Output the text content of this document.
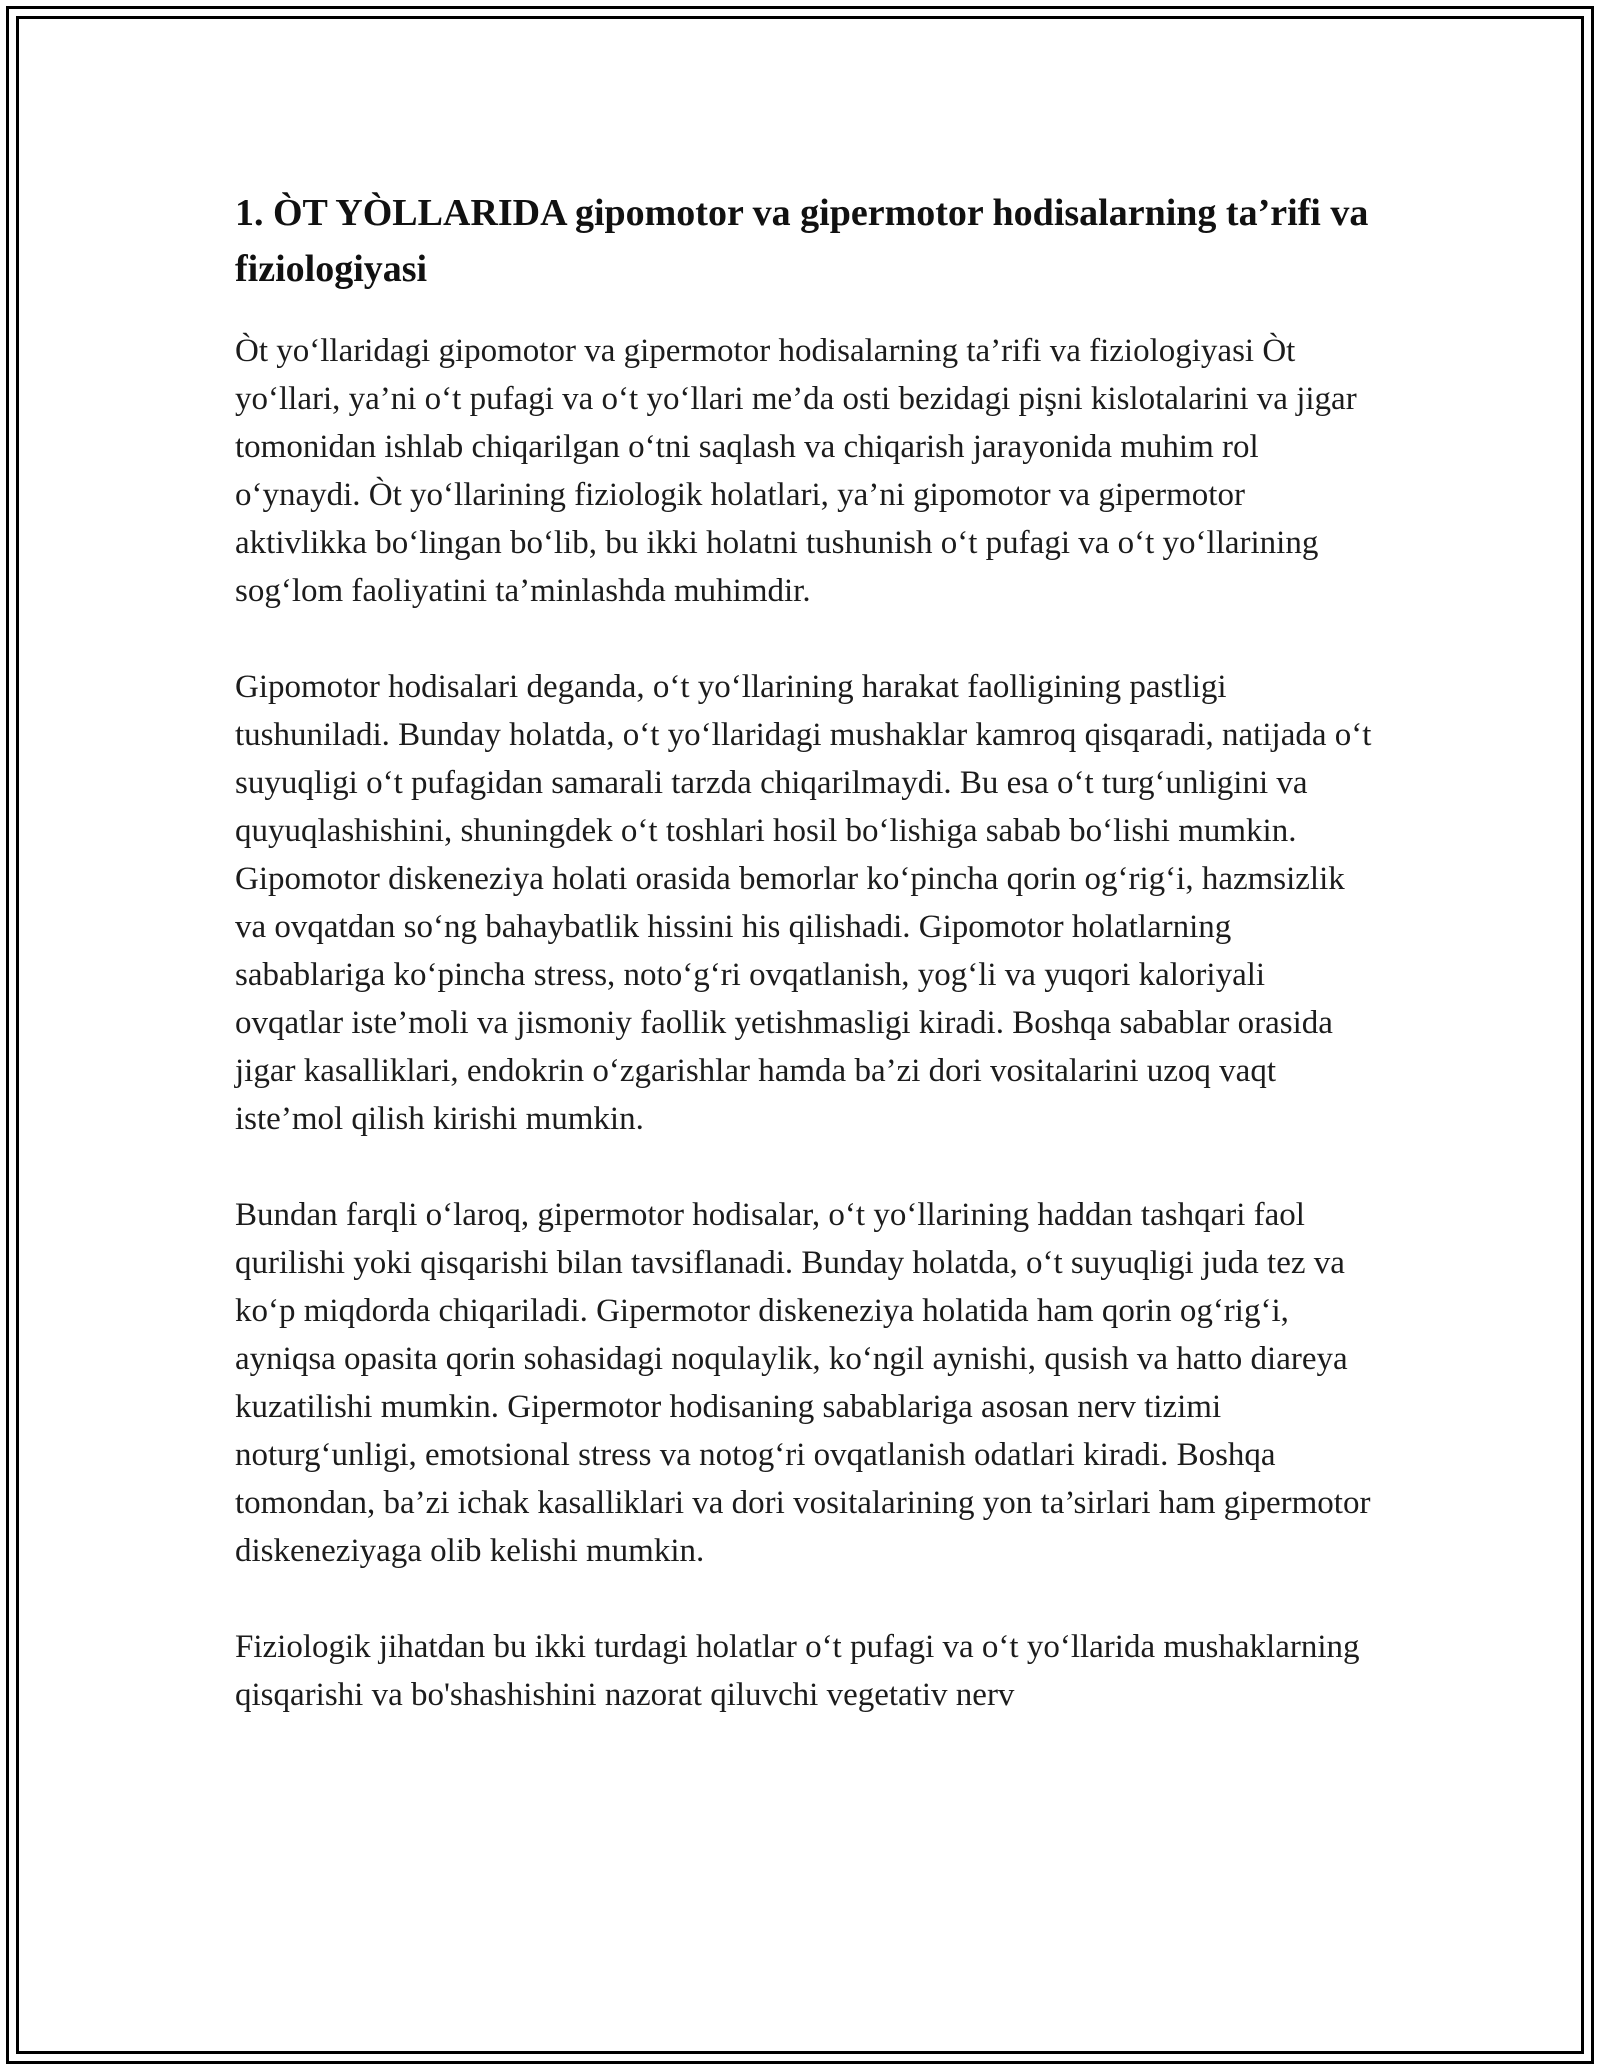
1. ÒT YÒLLARIDA gipomotor va gipermotor hodisalarning ta’rifi va fiziologiyasi

Òt yo‘llaridagi gipomotor va gipermotor hodisalarning ta’rifi va fiziologiyasi Òt yo‘llari, ya’ni o‘t pufagi va o‘t yo‘llari me’da osti bezidagi pişni kislotalarini va jigar tomonidan ishlab chiqarilgan o‘tni saqlash va chiqarish jarayonida muhim rol o‘ynaydi. Òt yo‘llarining fiziologik holatlari, ya’ni gipomotor va gipermotor aktivlikka bo‘lingan bo‘lib, bu ikki holatni tushunish o‘t pufagi va o‘t yo‘llarining sog‘lom faoliyatini ta’minlashda muhimdir.

Gipomotor hodisalari deganda, o‘t yo‘llarining harakat faolligining pastligi tushuniladi. Bunday holatda, o‘t yo‘llaridagi mushaklar kamroq qisqaradi, natijada o‘t suyuqligi o‘t pufagidan samarali tarzda chiqarilmaydi. Bu esa o‘t turg‘unligini va quyuqlashishini, shuningdek o‘t toshlari hosil bo‘lishiga sabab bo‘lishi mumkin. Gipomotor diskeneziya holati orasida bemorlar ko‘pincha qorin og‘rig‘i, hazmsizlik va ovqatdan so‘ng bahaybatlik hissini his qilishadi. Gipomotor holatlarning sabablariga ko‘pincha stress, noto‘g‘ri ovqatlanish, yog‘li va yuqori kaloriyali ovqatlar iste’moli va jismoniy faollik yetishmasligi kiradi. Boshqa sabablar orasida jigar kasalliklari, endokrin o‘zgarishlar hamda ba’zi dori vositalarini uzoq vaqt iste’mol qilish kirishi mumkin.

Bundan farqli o‘laroq, gipermotor hodisalar, o‘t yo‘llarining haddan tashqari faol qurilishi yoki qisqarishi bilan tavsiflanadi. Bunday holatda, o‘t suyuqligi juda tez va ko‘p miqdorda chiqariladi. Gipermotor diskeneziya holatida ham qorin og‘rig‘i, ayniqsa opasita qorin sohasidagi noqulaylik, ko‘ngil aynishi, qusish va hatto diareya kuzatilishi mumkin. Gipermotor hodisaning sabablariga asosan nerv tizimi noturg‘unligi, emotsional stress va notog‘ri ovqatlanish odatlari kiradi. Boshqa tomondan, ba’zi ichak kasalliklari va dori vositalarining yon ta’sirlari ham gipermotor diskeneziyaga olib kelishi mumkin.

Fiziologik jihatdan bu ikki turdagi holatlar o‘t pufagi va o‘t yo‘llarida mushaklarning qisqarishi va bo'shashishini nazorat qiluvchi vegetativ nerv
